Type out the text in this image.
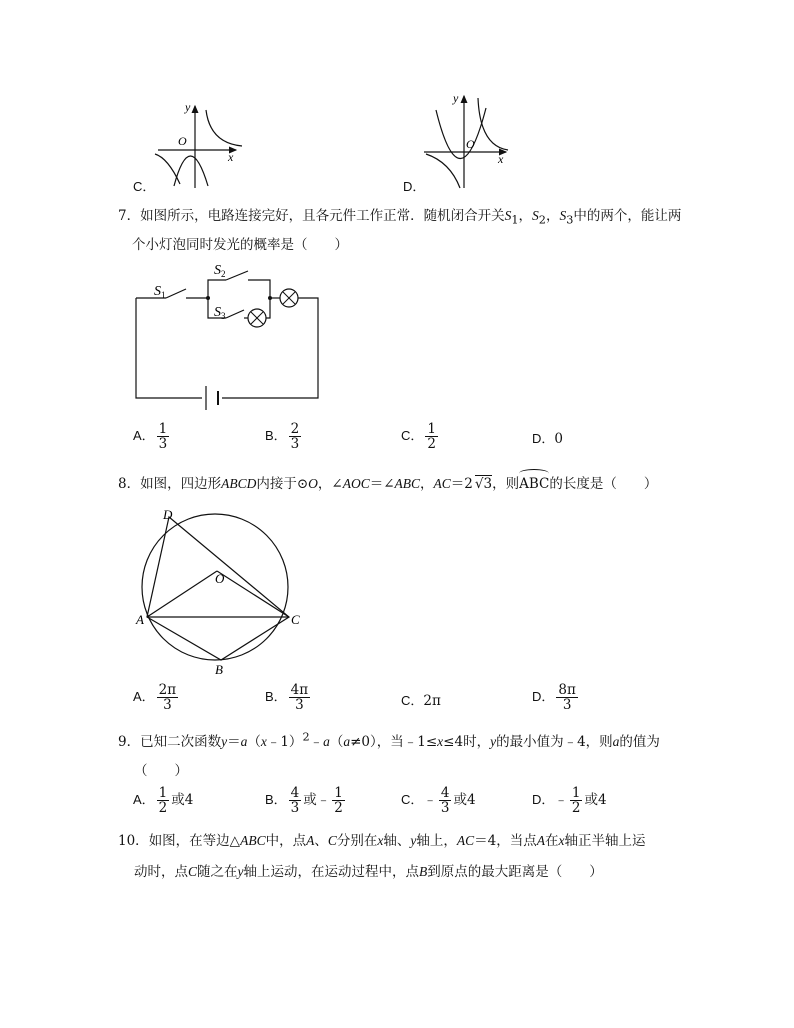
y
x
O
C．
y
x
O
D．
7．如图所示，电路连接完好，且各元件工作正常．随机闭合开关$S_1$，$S_2$，$S_3$中的两个，能让两
个小灯泡同时发光的概率是（　　）
$S_1$
$S_2$
$S_3$
A． $\frac{1}{3}$	B． $\frac{2}{3}$	C． $\frac{1}{2}$	D．0
8．如图，四边形ABCD内接于⊙O，∠AOC＝∠ABC，AC＝2 √3，则
ABC的长度是（　　）
A
B
C
D
O
A． $\frac{2\pi}{3}$	B． $\frac{4\pi}{3}$	C．2π	D． $\frac{8\pi}{3}$
9．已知二次函数y＝a（x﹣1）$^2$﹣a（a≠0），当﹣1≤x≤4时，y的最小值为﹣4，则a的值为
（　　）
A． $\frac{1}{2}$ 或4	B． $\frac{4}{3}$ 或﹣ $\frac{1}{2}$	C．﹣ $\frac{4}{3}$ 或4	D．﹣ $\frac{1}{2}$ 或4
10．如图，在等边△ABC中，点A、C分别在x轴、y轴上，AC＝4，当点A在x轴正半轴上运
动时，点C随之在y轴上运动，在运动过程中，点B到原点的最大距离是（　　）
